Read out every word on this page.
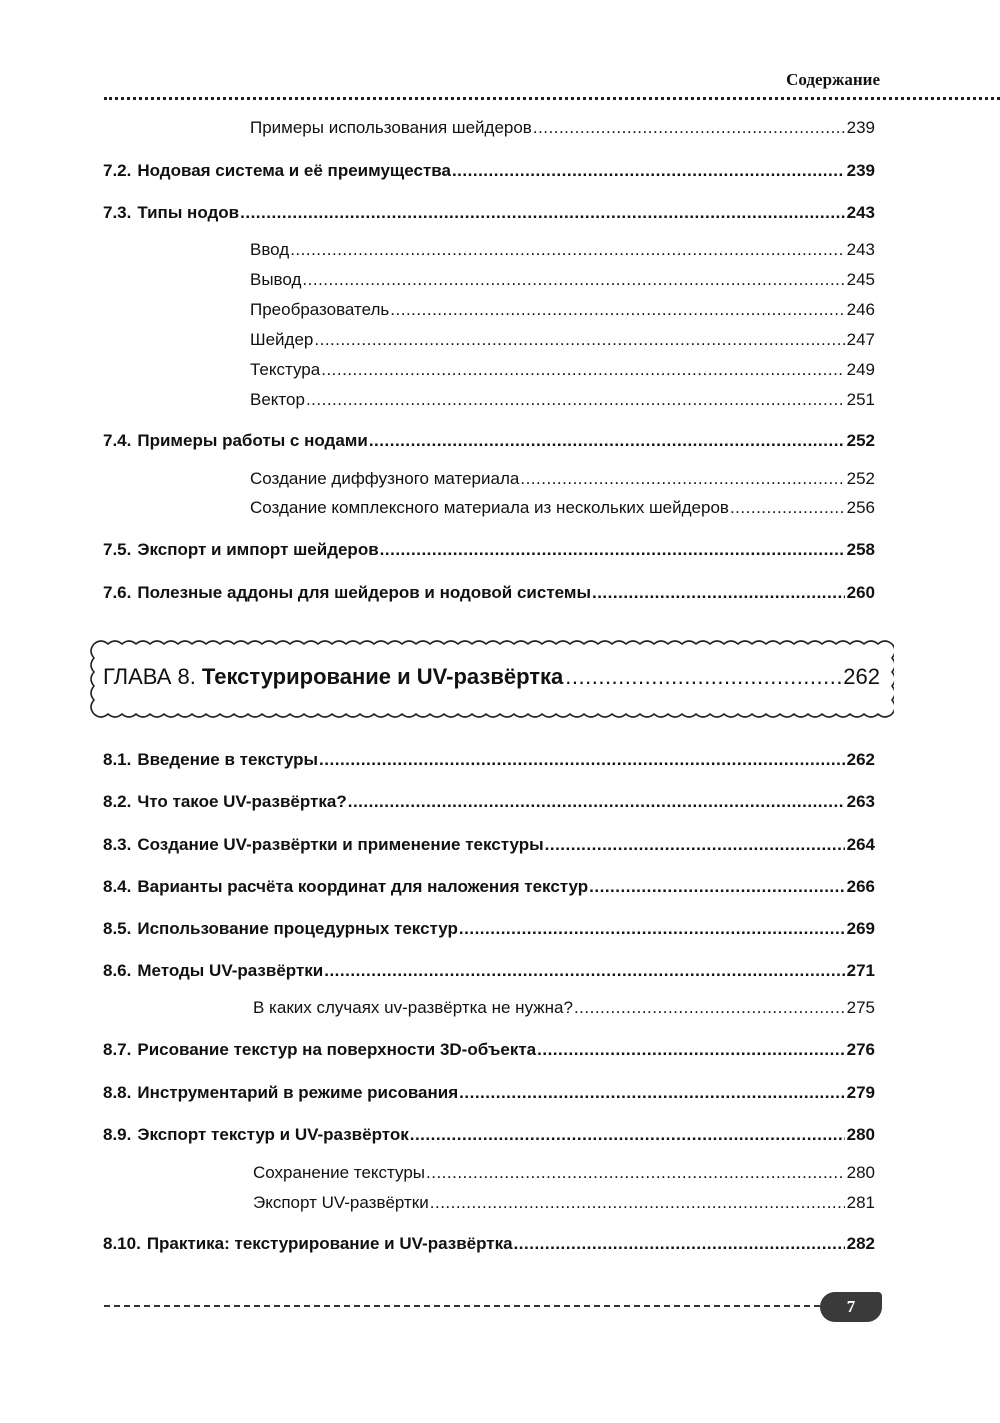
Содержание
Примеры использования шейдеров .....	239
7.2. Нодовая система и её преимущества .....	239
7.3. Типы нодов .....	243
Ввод .....	243
Вывод .....	245
Преобразователь .....	246
Шейдер .....	247
Текстура .....	249
Вектор .....	251
7.4. Примеры работы с нодами .....	252
Создание диффузного материала .....	252
Создание комплексного материала из нескольких шейдеров .....	256
7.5. Экспорт и импорт шейдеров .....	258
7.6. Полезные аддоны для шейдеров и нодовой системы .....	260
ГЛАВА 8. Текстурирование и UV-развёртка .....	262
8.1. Введение в текстуры .....	262
8.2. Что такое UV-развёртка? .....	263
8.3. Создание UV-развёртки и применение текстуры .....	264
8.4. Варианты расчёта координат для наложения текстур .....	266
8.5. Использование процедурных текстур .....	269
8.6. Методы UV-развёртки .....	271
В каких случаях uv-развёртка не нужна? .....	275
8.7. Рисование текстур на поверхности 3D-объекта .....	276
8.8. Инструментарий в режиме рисования .....	279
8.9. Экспорт текстур и UV-развёрток .....	280
Сохранение текстуры .....	280
Экспорт UV-развёртки .....	281
8.10. Практика: текстурирование и UV-развёртка .....	282
7
